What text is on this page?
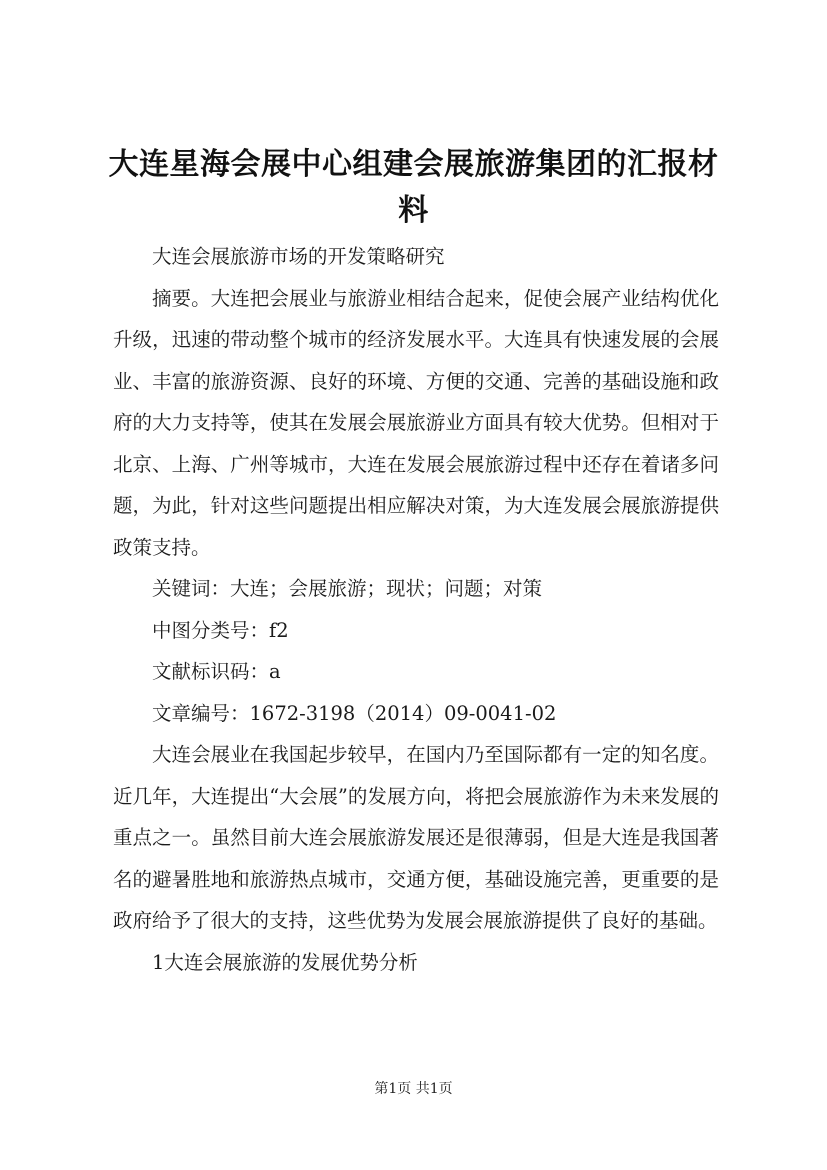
大连星海会展中心组建会展旅游集团的汇报材料

大连会展旅游市场的开发策略研究

摘要。大连把会展业与旅游业相结合起来，促使会展产业结构优化升级，迅速的带动整个城市的经济发展水平。大连具有快速发展的会展业、丰富的旅游资源、良好的环境、方便的交通、完善的基础设施和政府的大力支持等，使其在发展会展旅游业方面具有较大优势。但相对于北京、上海、广州等城市，大连在发展会展旅游过程中还存在着诸多问题，为此，针对这些问题提出相应解决对策，为大连发展会展旅游提供政策支持。

关键词：大连；会展旅游；现状；问题；对策

中图分类号：f2

文献标识码：a

文章编号：1672-3198（2014）09-0041-02

大连会展业在我国起步较早，在国内乃至国际都有一定的知名度。近几年，大连提出“大会展”的发展方向，将把会展旅游作为未来发展的重点之一。虽然目前大连会展旅游发展还是很薄弱，但是大连是我国著名的避暑胜地和旅游热点城市，交通方便，基础设施完善，更重要的是政府给予了很大的支持，这些优势为发展会展旅游提供了良好的基础。

1大连会展旅游的发展优势分析

第1页 共1页
